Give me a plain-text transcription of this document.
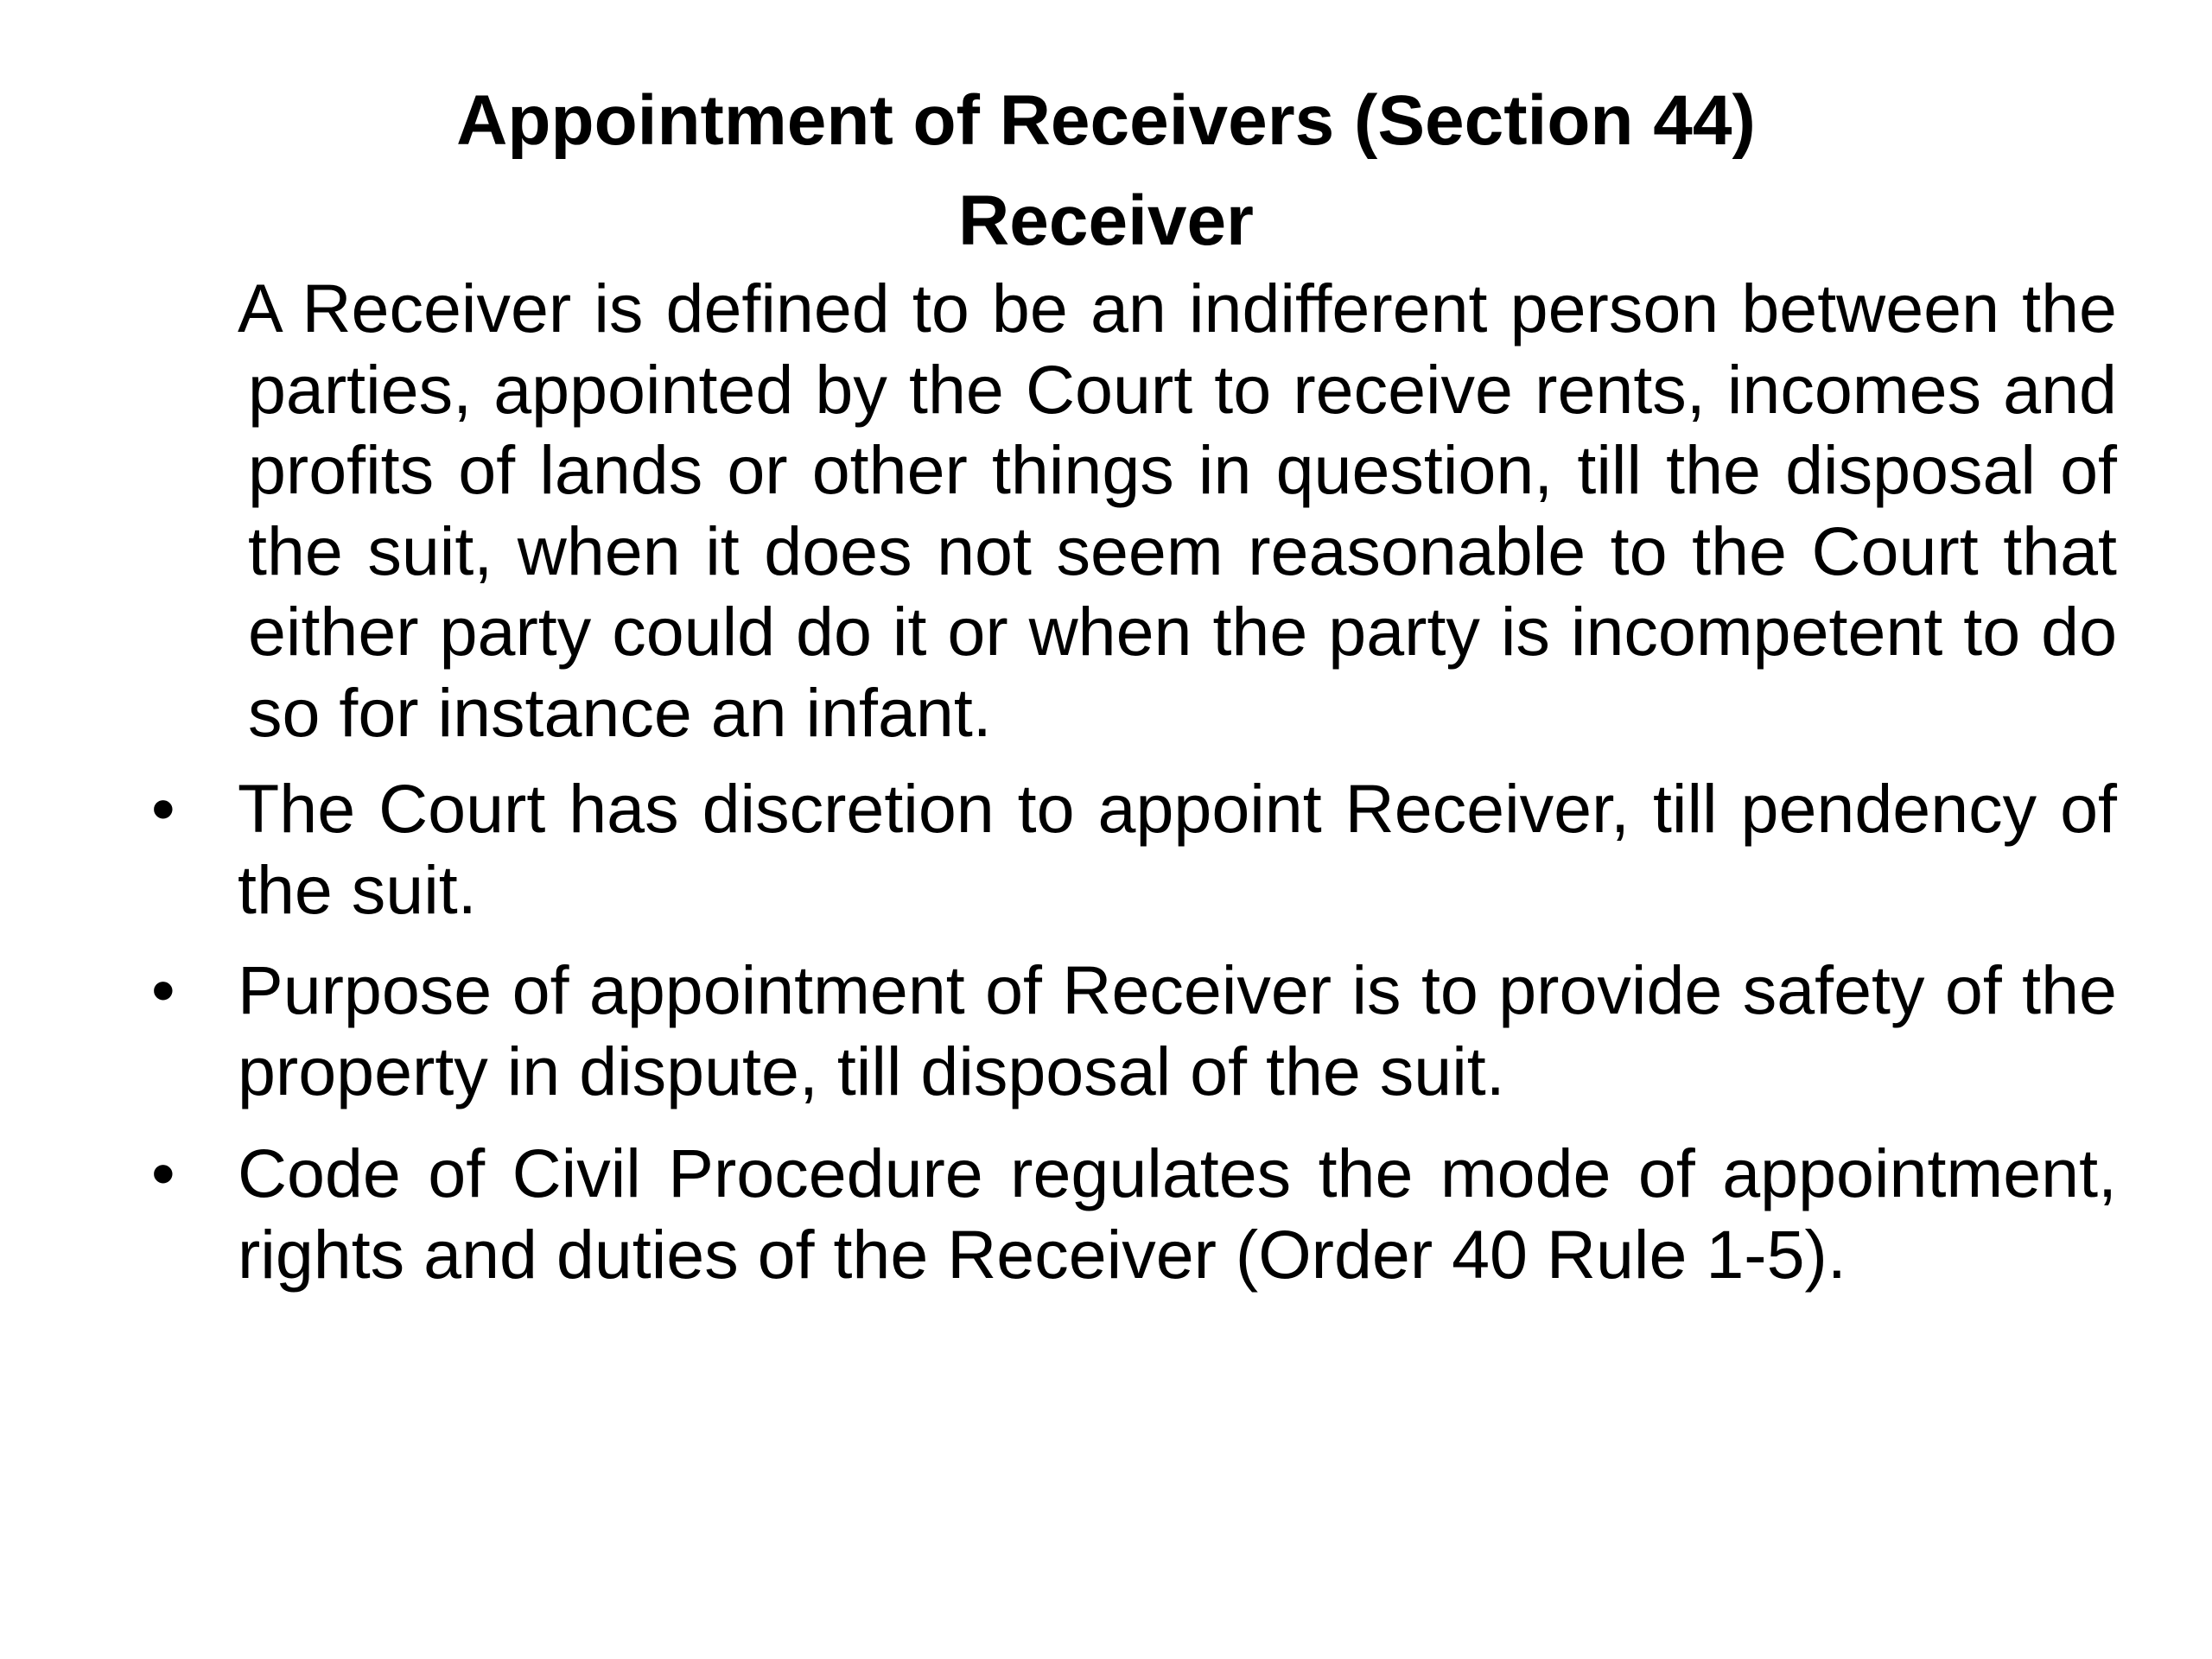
Appointment of Receivers (Section 44)
Receiver

A Receiver is defined to be an indifferent person between the parties, appointed by the Court to receive rents, incomes and profits of lands or other things in question, till the disposal of the suit, when it does not seem reasonable to the Court that either party could do it or when the party is incompetent to do so for instance an infant.

• The Court has discretion to appoint Receiver, till pendency of the suit.
• Purpose of appointment of Receiver is to provide safety of the property in dispute, till disposal of the suit.
• Code of Civil Procedure regulates the mode of appointment, rights and duties of the Receiver (Order 40 Rule 1-5).
